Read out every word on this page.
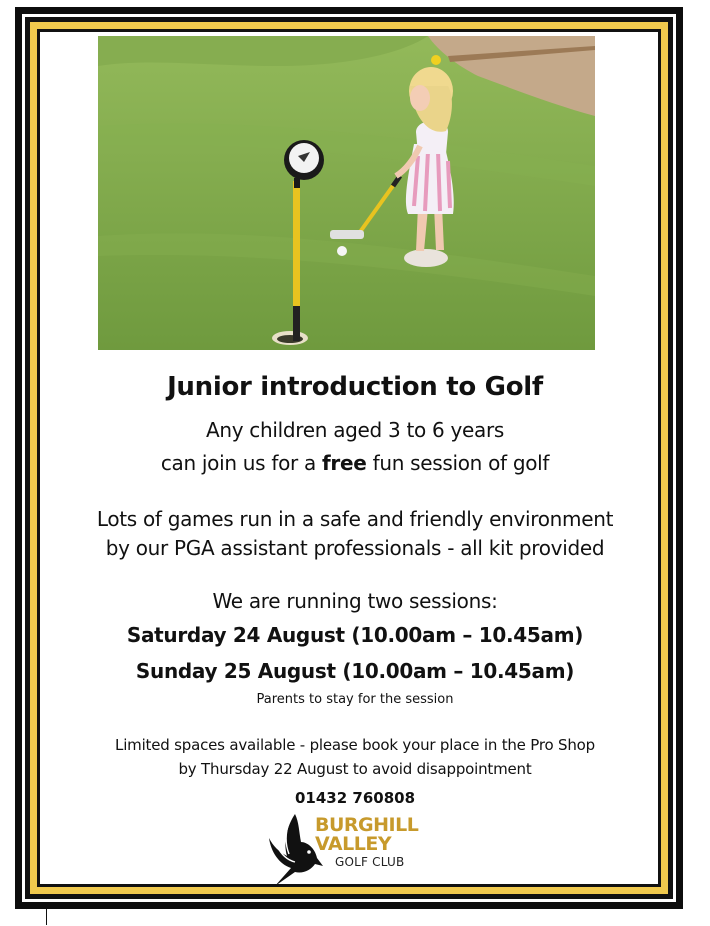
Junior introduction to Golf
Any children aged 3 to 6 years
can join us for a free fun session of golf
Lots of games run in a safe and friendly environment
by our PGA assistant professionals - all kit provided
We are running two sessions:
Saturday 24 August (10.00am – 10.45am)
Sunday 25 August (10.00am – 10.45am)
Parents to stay for the session
Limited spaces available - please book your place in the Pro Shop
by Thursday 22 August to avoid disappointment
01432 760808
BURGHILL
VALLEY
GOLF CLUB
